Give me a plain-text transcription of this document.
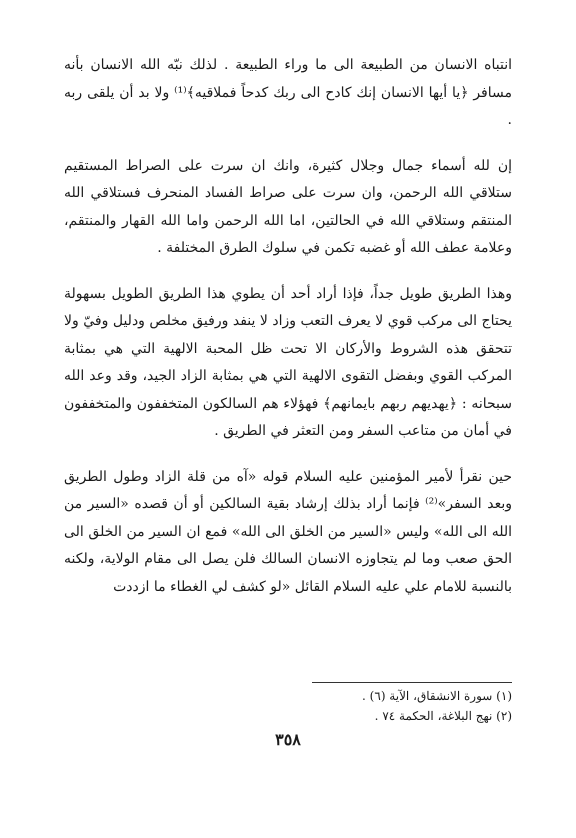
انتباه الانسان من الطبيعة الى ما وراء الطبيعة . لذلك نبّه الله الانسان بأنه مسافر ﴿يا أيها الانسان إنك كادح الى ربك كدحاً فملاقيه﴾⁽¹⁾ ولا بد أن يلقى ربه .

إن لله أسماء جمال وجلال كثيرة، وانك ان سرت على الصراط المستقيم ستلاقي الله الرحمن، وان سرت على صراط الفساد المنحرف فستلاقي الله المنتقم وستلاقي الله في الحالتين، اما الله الرحمن واما الله القهار والمنتقم، وعلامة عطف الله أو غضبه تكمن في سلوك الطرق المختلفة .

وهذا الطريق طويل جداً، فإذا أراد أحد أن يطوي هذا الطريق الطويل بسهولة يحتاج الى مركب قوي لا يعرف التعب وزاد لا ينفد ورفيق مخلص ودليل وفيّ ولا تتحقق هذه الشروط والأركان الا تحت ظل المحبة الالهية التي هي بمثابة المركب القوي وبفضل التقوى الالهية التي هي بمثابة الزاد الجيد، وقد وعد الله سبحانه : ﴿يهديهم ربهم بايمانهم﴾ فهؤلاء هم السالكون المتخففون والمتخففون في أمان من متاعب السفر ومن التعثر في الطريق .

حين نقرأ لأمير المؤمنين عليه السلام قوله «آه من قلة الزاد وطول الطريق وبعد السفر»⁽²⁾ فإنما أراد بذلك إرشاد بقية السالكين أو أن قصده «السير من الله الى الله» وليس «السير من الخلق الى الله» فمع ان السير من الخلق الى الحق صعب وما لم يتجاوزه الانسان السالك فلن يصل الى مقام الولاية، ولكنه بالنسبة للامام علي عليه السلام القائل «لو كشف لي الغطاء ما ازددت

(١) سورة الانشقاق، الآية (٦) .

(٢) نهج البلاغة، الحكمة ٧٤ .

٣٥٨
